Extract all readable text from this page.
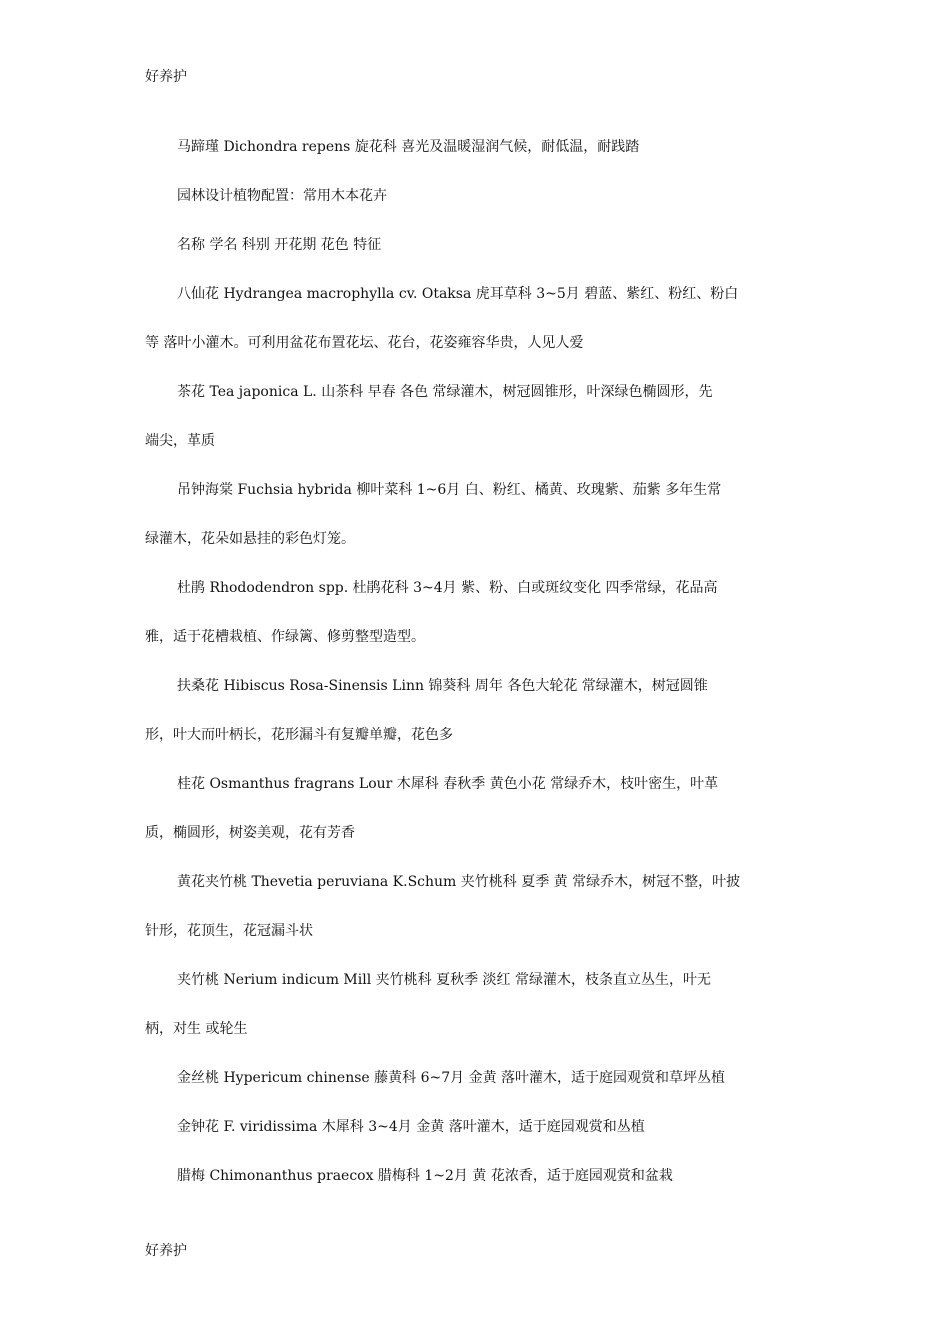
好养护

马蹄瑾 Dichondra repens 旋花科 喜光及温暖湿润气候，耐低温，耐践踏

园林设计植物配置：常用木本花卉

名称 学名 科别 开花期 花色 特征

八仙花 Hydrangea macrophylla cv. Otaksa 虎耳草科 3~5月 碧蓝、紫红、粉红、粉白
等 落叶小灌木。可利用盆花布置花坛、花台，花姿雍容华贵，人见人爱

茶花 Tea japonica L. 山茶科 早春 各色 常绿灌木，树冠圆锥形，叶深绿色椭圆形，先
端尖，革质

吊钟海棠 Fuchsia hybrida 柳叶菜科 1~6月 白、粉红、橘黄、玫瑰紫、茄紫 多年生常
绿灌木，花朵如悬挂的彩色灯笼。

杜鹃 Rhododendron spp. 杜鹃花科 3~4月 紫、粉、白或斑纹变化 四季常绿，花品高
雅，适于花槽栽植、作绿篱、修剪整型造型。

扶桑花 Hibiscus Rosa-Sinensis Linn 锦葵科 周年 各色大轮花 常绿灌木，树冠圆锥
形，叶大而叶柄长，花形漏斗有复瓣单瓣，花色多

桂花 Osmanthus fragrans Lour 木犀科 春秋季 黄色小花 常绿乔木，枝叶密生，叶革
质，椭圆形，树姿美观，花有芳香

黄花夹竹桃 Thevetia peruviana K.Schum 夹竹桃科 夏季 黄 常绿乔木，树冠不整，叶披
针形，花顶生，花冠漏斗状

夹竹桃 Nerium indicum Mill 夹竹桃科 夏秋季 淡红 常绿灌木，枝条直立丛生，叶无
柄，对生 或轮生

金丝桃 Hypericum chinense 藤黄科 6~7月 金黄 落叶灌木，适于庭园观赏和草坪丛植

金钟花 F. viridissima 木犀科 3~4月 金黄 落叶灌木，适于庭园观赏和丛植

腊梅 Chimonanthus praecox 腊梅科 1~2月 黄 花浓香，适于庭园观赏和盆栽

好养护
